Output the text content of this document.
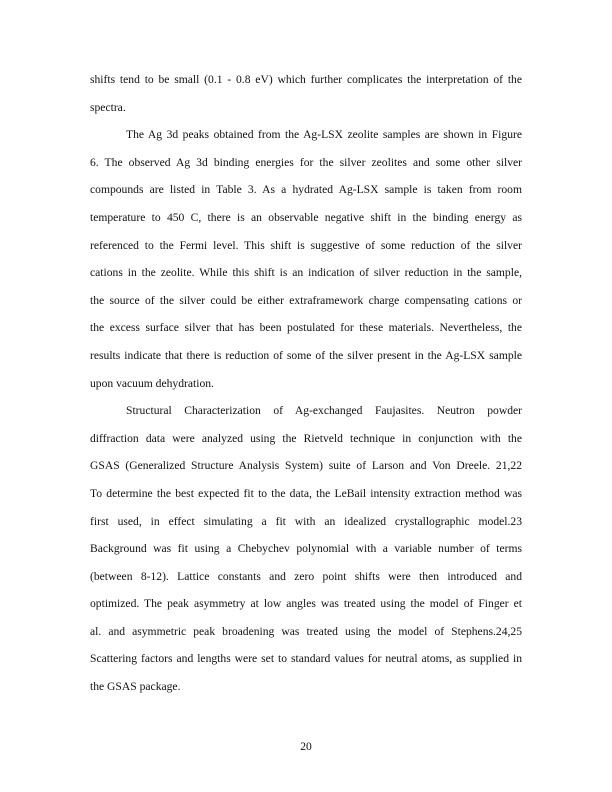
shifts tend to be small (0.1 - 0.8 eV) which further complicates the interpretation of the
spectra.
The Ag 3d peaks obtained from the Ag-LSX zeolite samples are shown in Figure
6. The observed Ag 3d binding energies for the silver zeolites and some other silver
compounds are listed in Table 3. As a hydrated Ag-LSX sample is taken from room
temperature to 450 C, there is an observable negative shift in the binding energy as
referenced to the Fermi level. This shift is suggestive of some reduction of the silver
cations in the zeolite. While this shift is an indication of silver reduction in the sample,
the source of the silver could be either extraframework charge compensating cations or
the excess surface silver that has been postulated for these materials. Nevertheless, the
results indicate that there is reduction of some of the silver present in the Ag-LSX sample
upon vacuum dehydration.
Structural Characterization of Ag-exchanged Faujasites. Neutron powder
diffraction data were analyzed using the Rietveld technique in conjunction with the
GSAS (Generalized Structure Analysis System) suite of Larson and Von Dreele. 21,22
To determine the best expected fit to the data, the LeBail intensity extraction method was
first used, in effect simulating a fit with an idealized crystallographic model.23
Background was fit using a Chebychev polynomial with a variable number of terms
(between 8-12). Lattice constants and zero point shifts were then introduced and
optimized. The peak asymmetry at low angles was treated using the model of Finger et
al. and asymmetric peak broadening was treated using the model of Stephens.24,25
Scattering factors and lengths were set to standard values for neutral atoms, as supplied in
the GSAS package.
20
